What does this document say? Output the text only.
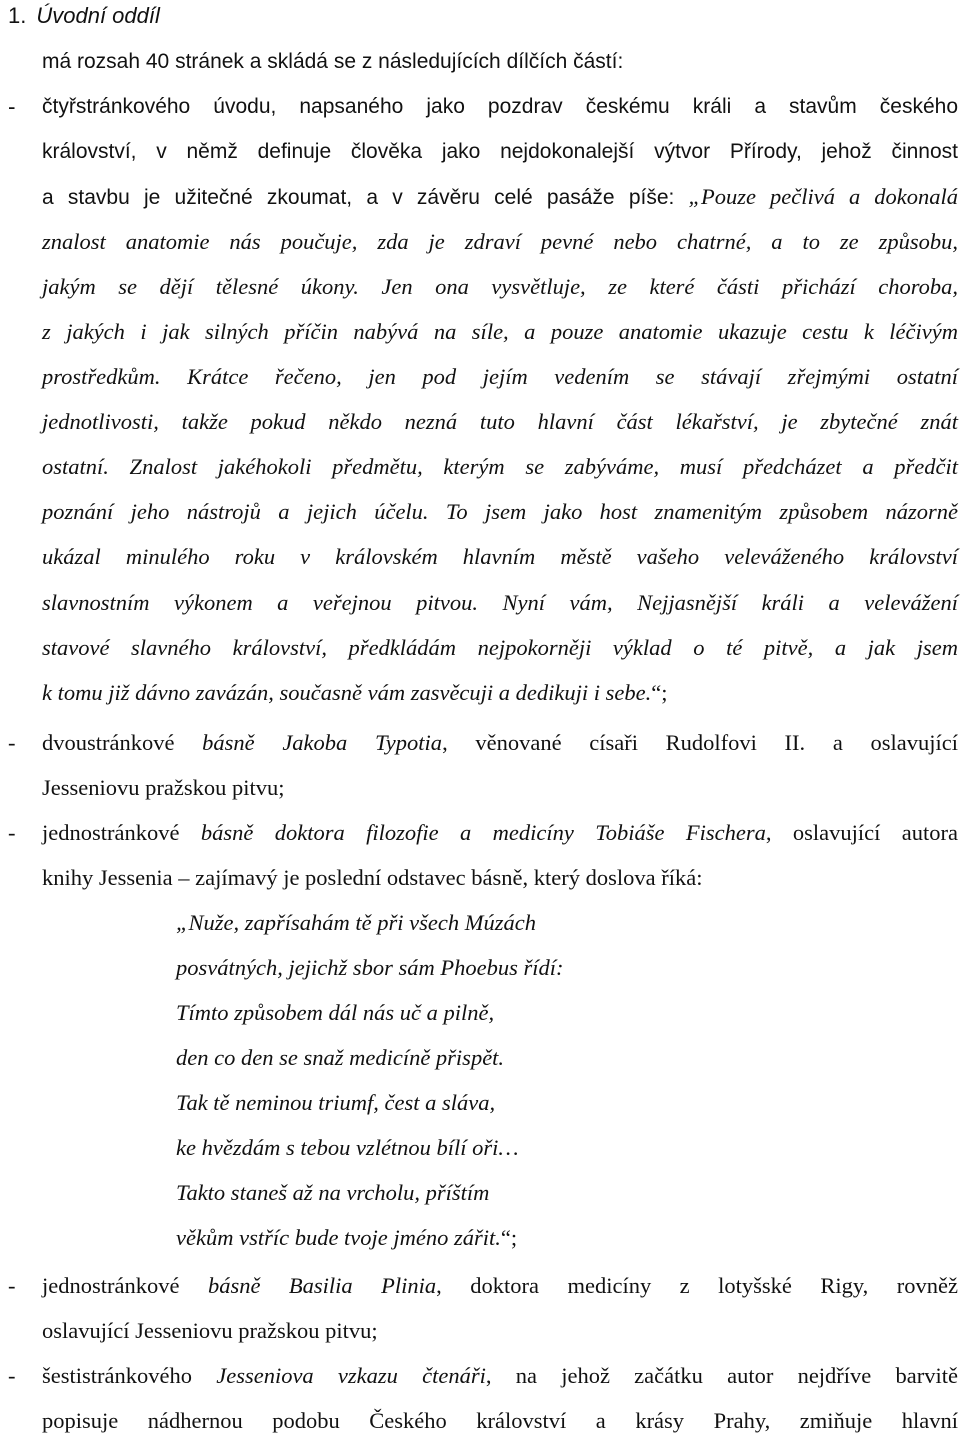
1. Úvodní oddíl
má rozsah 40 stránek a skládá se z následujících dílčích částí:
- čtyřstránkového úvodu, napsaného jako pozdrav českému králi a stavům českého
království, v němž definuje člověka jako nejdokonalejší výtvor Přírody, jehož činnost
a stavbu je užitečné zkoumat, a v závěru celé pasáže píše: „Pouze pečlivá a dokonalá
znalost anatomie nás poučuje, zda je zdraví pevné nebo chatrné, a to ze způsobu,
jakým se dějí tělesné úkony. Jen ona vysvětluje, ze které části přichází choroba,
z jakých i jak silných příčin nabývá na síle, a pouze anatomie ukazuje cestu k léčivým
prostředkům. Krátce řečeno, jen pod jejím vedením se stávají zřejmými ostatní
jednotlivosti, takže pokud někdo nezná tuto hlavní část lékařství, je zbytečné znát
ostatní. Znalost jakéhokoli předmětu, kterým se zabýváme, musí předcházet a předčit
poznání jeho nástrojů a jejich účelu. To jsem jako host znamenitým způsobem názorně
ukázal minulého roku v královském hlavním městě vašeho veleváženého království
slavnostním výkonem a veřejnou pitvou. Nyní vám, Nejjasnější králi a velevážení
stavové slavného království, předkládám nejpokorněji výklad o té pitvě, a jak jsem
k tomu již dávno zavázán, současně vám zasvěcuji a dedikuji i sebe.“;
- dvoustránkové básně Jakoba Typotia, věnované císaři Rudolfovi II. a oslavující
Jesseniovu pražskou pitvu;
- jednostránkové básně doktora filozofie a medicíny Tobiáše Fischera, oslavující autora
knihy Jessenia – zajímavý je poslední odstavec básně, který doslova říká:
„Nuže, zapřísahám tě při všech Múzách
posvátných, jejichž sbor sám Phoebus řídí:
Tímto způsobem dál nás uč a pilně,
den co den se snaž medicíně přispět.
Tak tě neminou triumf, čest a sláva,
ke hvězdám s tebou vzlétnou bílí oři…
Takto staneš až na vrcholu, příštím
věkům vstříc bude tvoje jméno zářit.“;
- jednostránkové básně Basilia Plinia, doktora medicíny z lotyšské Rigy, rovněž
oslavující Jesseniovu pražskou pitvu;
- šestistránkového Jesseniova vzkazu čtenáři, na jehož začátku autor nejdříve barvitě
popisuje nádhernou podobu Českého království a krásy Prahy, zmiňuje hlavní
